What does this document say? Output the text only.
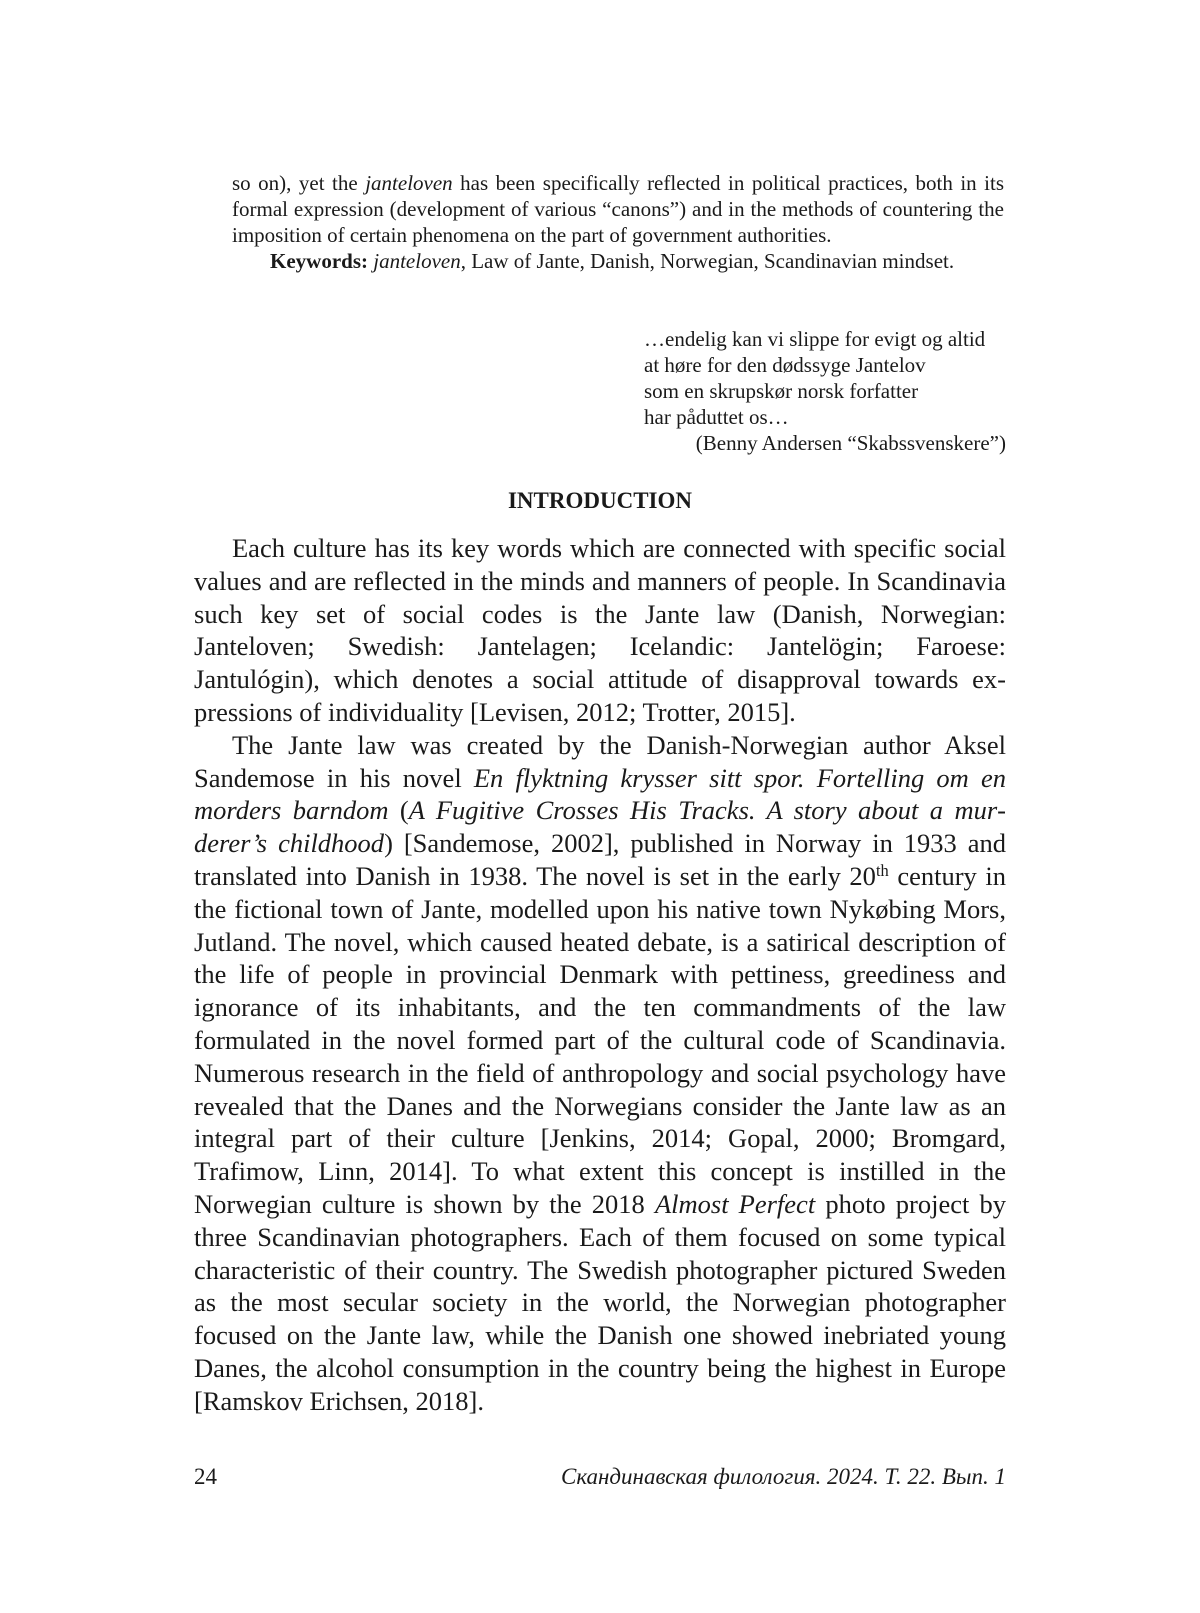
so on), yet the janteloven has been specifically reflected in political practices, both in its formal expression (development of various “canons”) and in the methods of countering the imposition of certain phenomena on the part of government authorities.

Keywords: janteloven, Law of Jante, Danish, Norwegian, Scandinavian mindset.

…endelig kan vi slippe for evigt og altid
at høre for den dødssyge Jantelov
som en skrupskør norsk forfatter
har påduttet os…
(Benny Andersen “Skabssvenskere”)
INTRODUCTION

Each culture has its key words which are connected with specific social values and are reflected in the minds and manners of people. In Scandinavia such key set of social codes is the Jante law (Danish, Norwegian: Janteloven; Swedish: Jantelagen; Icelandic: Jantelögin; Faroese: Jantulógin), which denotes a social attitude of disapproval towards expressions of individuality [Levisen, 2012; Trotter, 2015].

The Jante law was created by the Danish-Norwegian author Aksel Sandemose in his novel En flyktning krysser sitt spor. Fortelling om en morders barndom (A Fugitive Crosses His Tracks. A story about a murderer’s childhood) [Sandemose, 2002], published in Norway in 1933 and translated into Danish in 1938. The novel is set in the early 20th century in the fictional town of Jante, modelled upon his native town Nykøbing Mors, Jutland. The novel, which caused heated debate, is a satirical description of the life of people in provincial Denmark with pettiness, greediness and ignorance of its inhabitants, and the ten commandments of the law formulated in the novel formed part of the cultural code of Scandinavia. Numerous research in the field of anthropology and social psychology have revealed that the Danes and the Norwegians consider the Jante law as an integral part of their culture [Jenkins, 2014; Gopal, 2000; Bromgard, Trafimow, Linn, 2014]. To what extent this concept is instilled in the Norwegian culture is shown by the 2018 Almost Perfect photo project by three Scandinavian photographers. Each of them focused on some typical characteristic of their country. The Swedish photographer pictured Sweden as the most secular society in the world, the Norwegian photographer focused on the Jante law, while the Danish one showed inebriated young Danes, the alcohol consumption in the country being the highest in Europe [Ramskov Erichsen, 2018].

24	Скандинавская филология. 2024. Т. 22. Вып. 1
